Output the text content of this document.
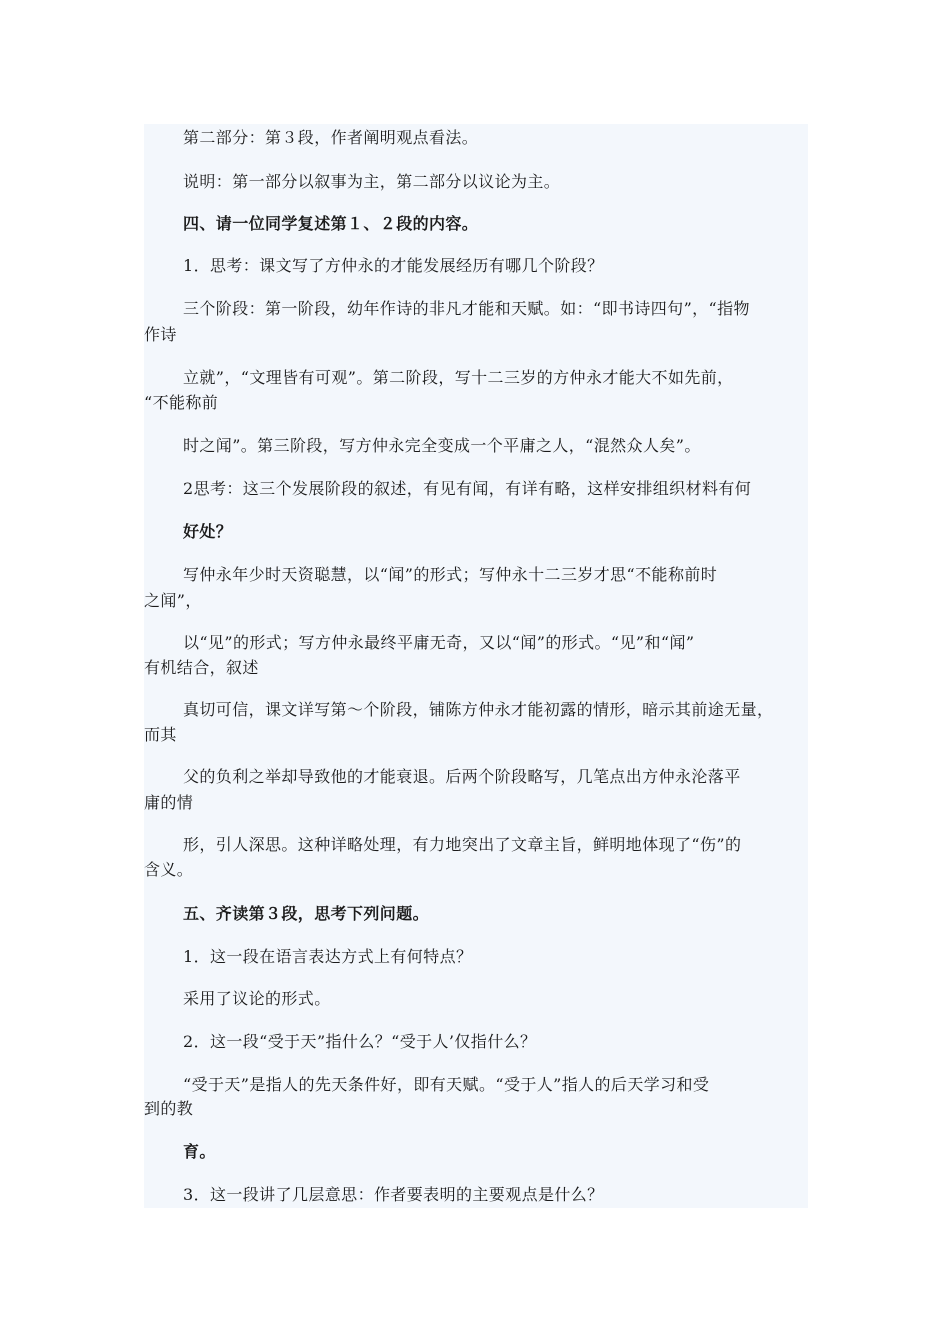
第二部分：第３段，作者阐明观点看法。
说明：第一部分以叙事为主，第二部分以议论为主。
四、请一位同学复述第１、２段的内容。
1．思考：课文写了方仲永的才能发展经历有哪几个阶段？
三个阶段：第一阶段，幼年作诗的非凡才能和天赋。如：“即书诗四句”，“指物
作诗
立就”，“文理皆有可观”。第二阶段，写十二三岁的方仲永才能大不如先前，
“不能称前
时之闻”。第三阶段，写方仲永完全变成一个平庸之人，“混然众人矣”。
2思考：这三个发展阶段的叙述，有见有闻，有详有略，这样安排组织材料有何
好处？
写仲永年少时天资聪慧，以“闻”的形式；写仲永十二三岁才思“不能称前时
之闻”，
以“见”的形式；写方仲永最终平庸无奇，又以“闻”的形式。“见”和“闻”
有机结合，叙述
真切可信，课文详写第～个阶段，铺陈方仲永才能初露的情形，暗示其前途无量，
而其
父的负利之举却导致他的才能衰退。后两个阶段略写，几笔点出方仲永沦落平
庸的情
形，引人深思。这种详略处理，有力地突出了文章主旨，鲜明地体现了“伤”的
含义。
五、齐读第３段，思考下列问题。
1．这一段在语言表达方式上有何特点？
采用了议论的形式。
2．这一段“受于天”指什么？“受于人’仅指什么？
“受于天”是指人的先天条件好，即有天赋。“受于人”指人的后天学习和受
到的教
育。
3．这一段讲了几层意思：作者要表明的主要观点是什么？
